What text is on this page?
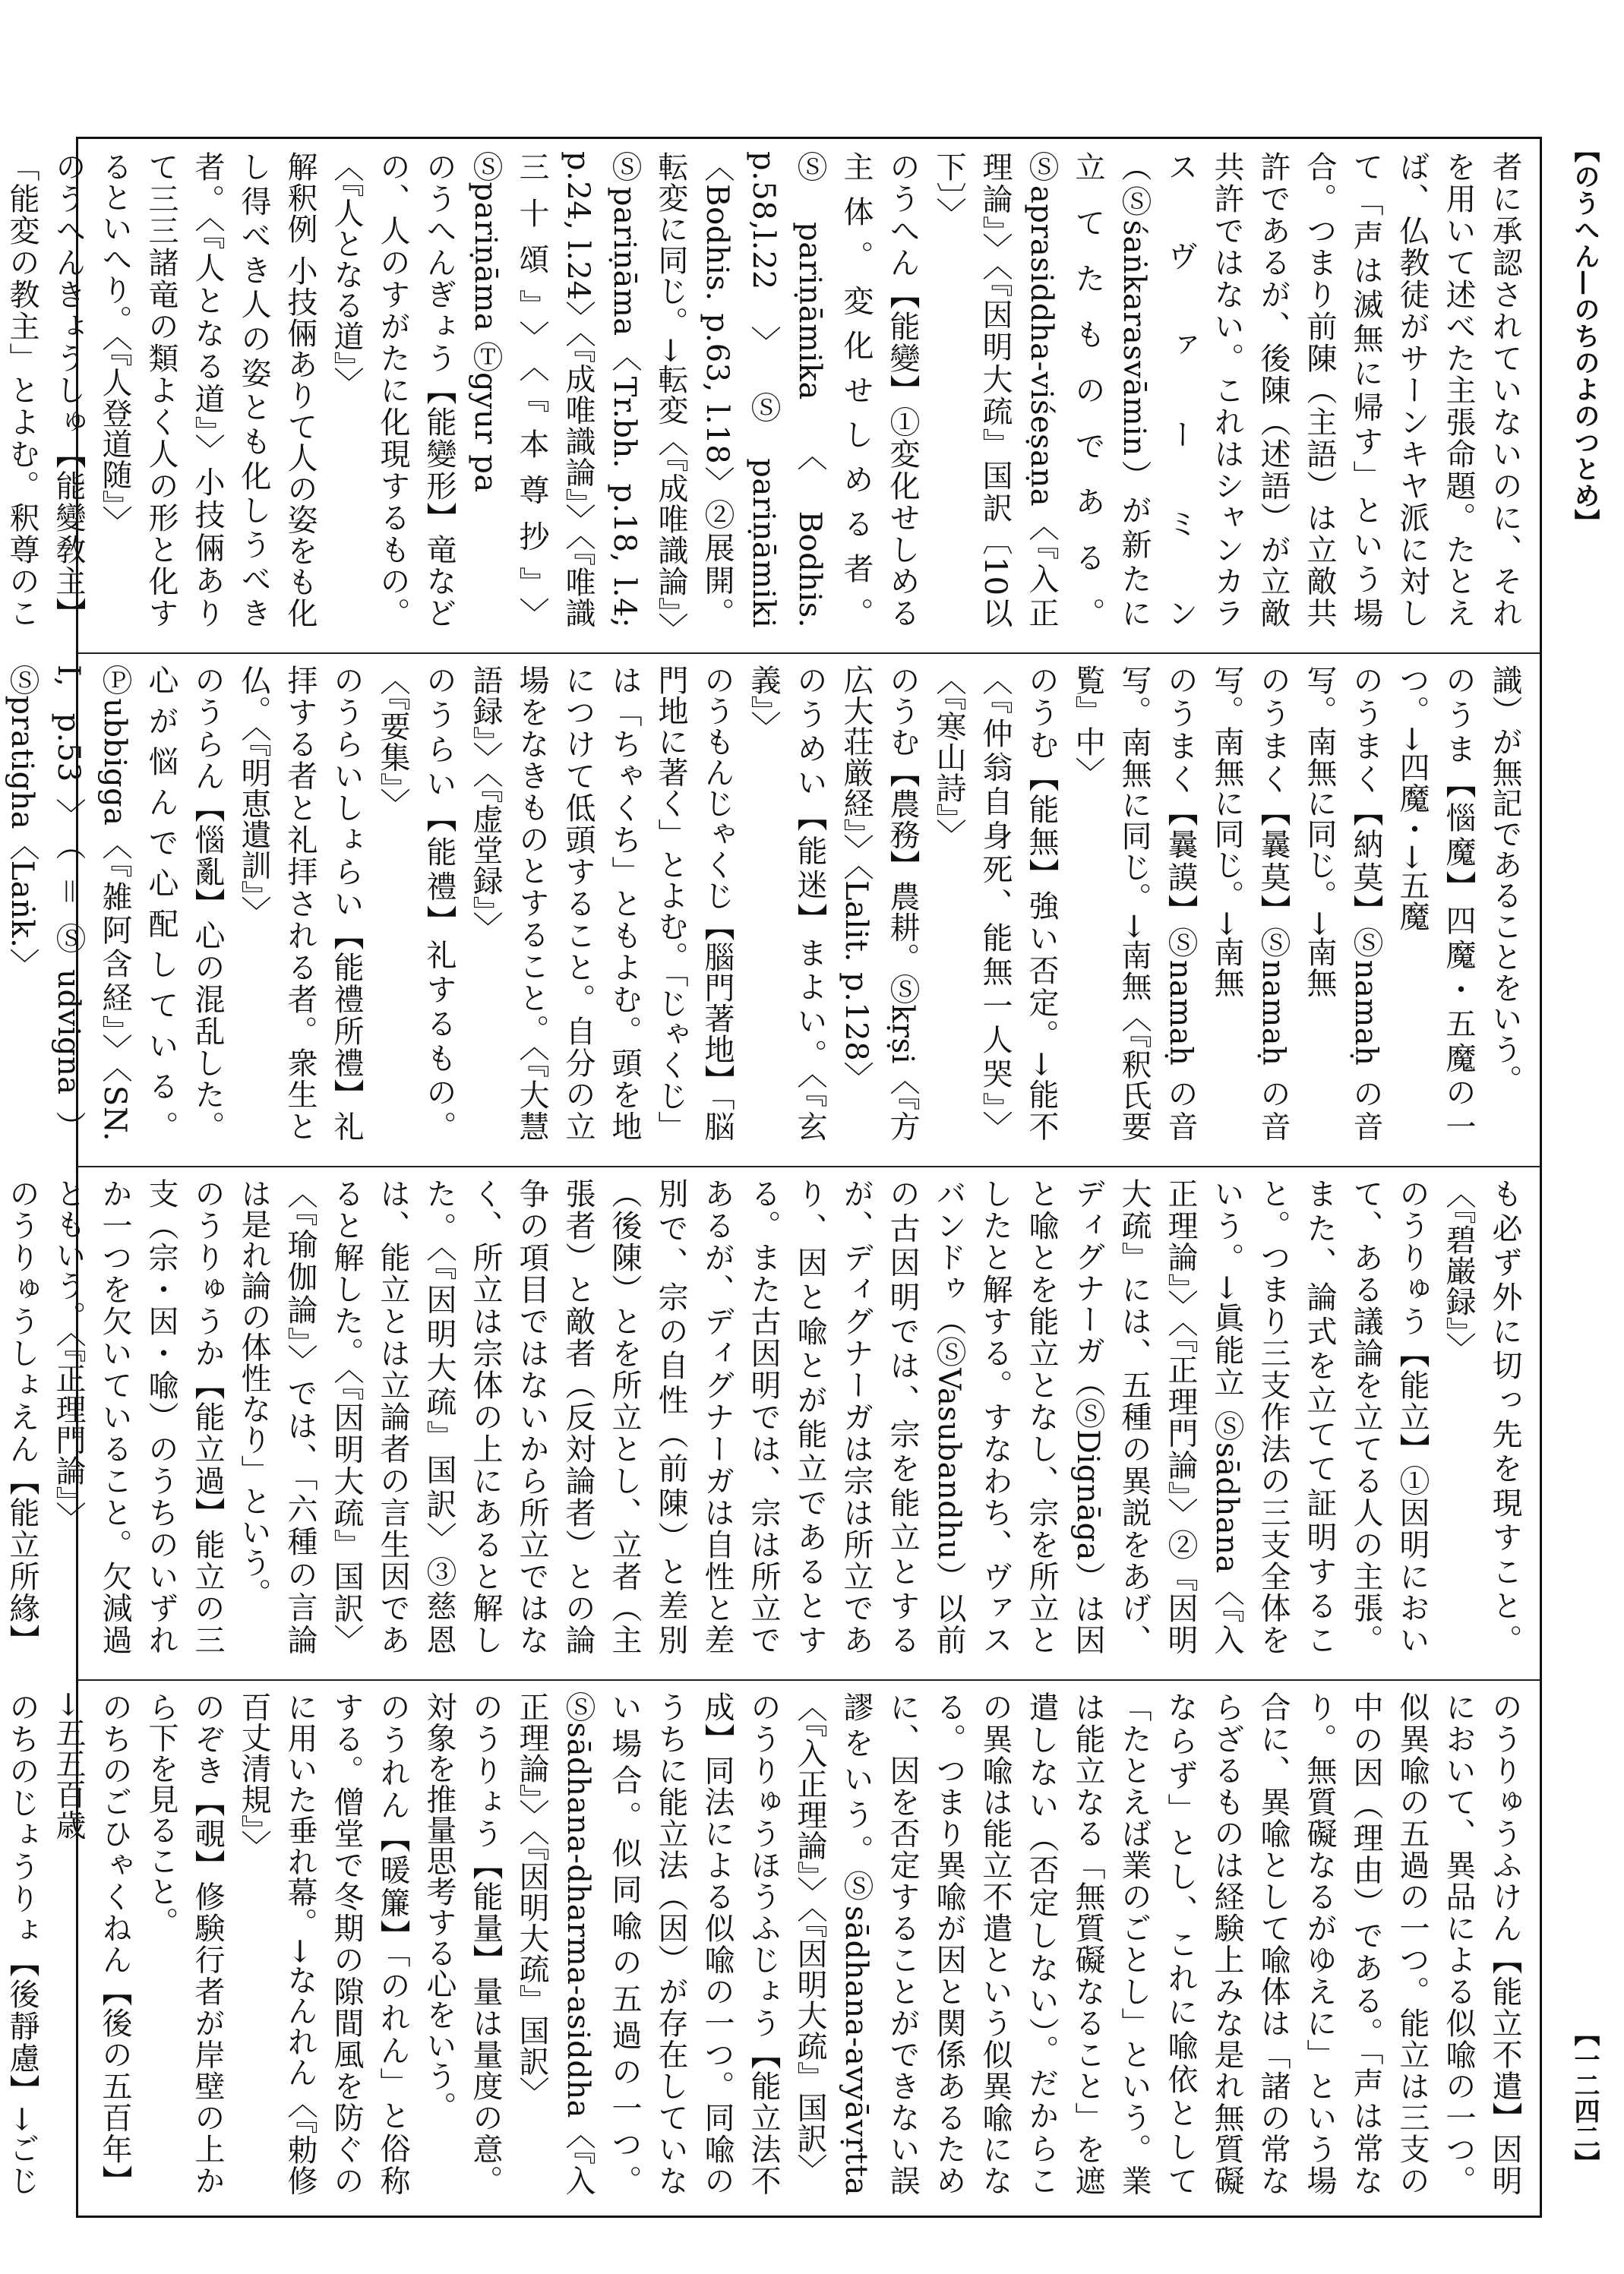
【のうへん—のちのよのつとめ】
【一二四二】

者に承認されていないのに、それを用いて述べた主張命題。たとえば、仏教徒がサーンキヤ派に対して「声は滅無に帰す」という場合。つまり前陳（主語）は立敵共許であるが、後陳（述語）が立敵共許ではない。これはシャンカラスヴァーミン（Ⓢśaṅkarasvāmin）が新たに立てたものである。Ⓢaprasiddha-viśeṣaṇa〈『入正理論』〉〈『因明大疏』国訳〔10以下〕〉

のうへん【能變】①変化せしめる主体。変化せしめる者。Ⓢpariṇāmika〈Bodhis. p.58,l.22〉Ⓢpariṇāmiki〈Bodhis. p.63, l.18〉②展開。転変に同じ。→転変〈『成唯識論』〉Ⓢpariṇāma〈Tr.bh. p.18, l.4; p.24, l.24〉〈『成唯識論』〉〈『唯識三十頌』〉〈『本尊抄』〉Ⓢpariṇāma Ⓣgyur pa

のうへんぎょう【能變形】竜などの、人のすがたに化現するもの。〈『人となる道』〉

解釈例 小技倆ありて人の姿をも化し得べき人の姿とも化しうべき者。〈『人となる道』〉小技倆ありて三三諸竜の類よく人の形と化するといへり。〈『人登道随』〉

のうへんきょうしゅ【能變敎主】「能変の教主」とよむ。釈尊のこ

識）が無記であることをいう。

のうま【惱魔】四魔・五魔の一つ。→四魔・→五魔

のうまく【納莫】Ⓢnamaḥ の音写。南無に同じ。→南無

のうまく【曩莫】Ⓢnamaḥ の音写。南無に同じ。→南無

のうまく【曩謨】Ⓢnamaḥ の音写。南無に同じ。→南無〈『釈氏要覧』中〉

のうむ【能無】強い否定。→能不〈『仲翁自身死、能無一人哭』〉〈『寒山詩』〉

のうむ【農務】農耕。Ⓢkṛṣi〈『方広大荘厳経』〉〈Lalit. p.128〉

のうめい【能迷】まよい。〈『玄義』〉

のうもんじゃくじ【腦門著地】「脳門地に著く」とよむ。「じゃくじ」は「ちゃくち」ともよむ。頭を地につけて低頭すること。自分の立場をなきものとすること。〈『大慧語録』〉〈『虚堂録』〉

のうらい【能禮】礼するもの。〈『要集』〉

のうらいしょらい【能禮所禮】礼拝する者と礼拝される者。衆生と仏。〈『明恵遺訓』〉

のうらん【惱亂】心の混乱した。心が悩んで心配している。Ⓟubbigga〈『雑阿含経』〉〈SN. I, p.53〉（＝Ⓢudvigna）Ⓢpratigha〈Laṅk.〉

も必ず外に切っ先を現すこと。〈『碧巌録』〉

のうりゅう【能立】①因明において、ある議論を立てる人の主張。また、論式を立てて証明すること。つまり三支作法の三支全体をいう。→眞能立 Ⓢsādhana〈『入正理論』〉〈『正理門論』〉②『因明大疏』には、五種の異説をあげ、ディグナーガ（ⓈDignāga）は因と喩とを能立となし、宗を所立としたと解する。すなわち、ヴァスバンドゥ（ⓈVasubandhu）以前の古因明では、宗を能立とするが、ディグナーガは宗は所立であり、因と喩とが能立であるとする。また古因明では、宗は所立であるが、ディグナーガは自性と差別で、宗の自性（前陳）と差別（後陳）とを所立とし、立者（主張者）と敵者（反対論者）との論争の項目ではないから所立ではなく、所立は宗体の上にあると解した。〈『因明大疏』国訳〉③慈恩は、能立とは立論者の言生因であると解した。〈『因明大疏』国訳〉〈『瑜伽論』〉では、「六種の言論は是れ論の体性なり」という。

のうりゅうか【能立過】能立の三支（宗・因・喩）のうちのいずれか一つを欠いていること。欠減過ともいう。〈『正理門論』〉

のうりゅうしょえん【能立所緣】

のうりゅうふけん【能立不遣】因明において、異品による似喩の一つ。似異喩の五過の一つ。能立は三支の中の因（理由）である。「声は常なり。無質礙なるがゆえに」という場合に、異喩として喩体は「諸の常ならざるものは経験上みな是れ無質礙ならず」とし、これに喩依として「たとえば業のごとし」という。業は能立なる「無質礙なること」を遮遣しない（否定しない）。だからこの異喩は能立不遣という似異喩になる。つまり異喩が因と関係あるために、因を否定することができない誤謬をいう。Ⓢsādhana-avyāvṛtta〈『入正理論』〉〈『因明大疏』国訳〉

のうりゅうほうふじょう【能立法不成】同法による似喩の一つ。同喩のうちに能立法（因）が存在していない場合。似同喩の五過の一つ。Ⓢsādhana-dharma-asiddha〈『入正理論』〉〈『因明大疏』国訳〉

のうりょう【能量】量は量度の意。対象を推量思考する心をいう。

のうれん【暖簾】「のれん」と俗称する。僧堂で冬期の隙間風を防ぐのに用いた垂れ幕。→なんれん〈『勅修百丈清規』〉

のぞき【覗】修験行者が岸壁の上から下を見ること。

のちのごひゃくねん【後の五百年】→五五百歳

のちのじょうりょ【後靜慮】→ごじ
